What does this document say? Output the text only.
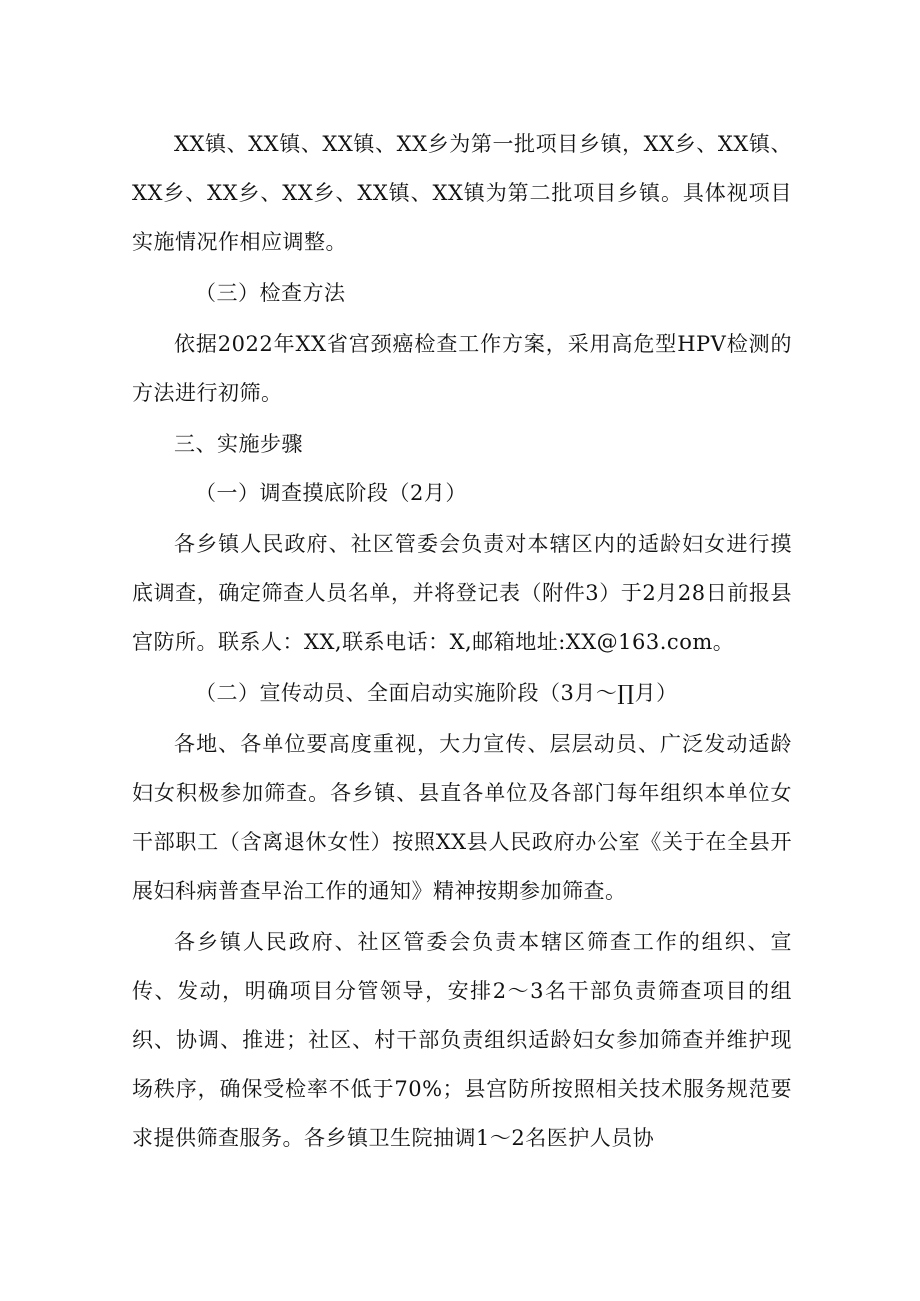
XX镇、XX镇、XX镇、XX乡为第一批项目乡镇，XX乡、XX镇、XX乡、XX乡、XX乡、XX镇、XX镇为第二批项目乡镇。具体视项目实施情况作相应调整。

（三）检查方法

依据2022年XX省宫颈癌检查工作方案，采用高危型HPV检测的方法进行初筛。

三、实施步骤

（一）调查摸底阶段（2月）

各乡镇人民政府、社区管委会负责对本辖区内的适龄妇女进行摸底调查，确定筛查人员名单，并将登记表（附件3）于2月28日前报县宫防所。联系人：XX,联系电话：X,邮箱地址:XX@163.com。

（二）宣传动员、全面启动实施阶段（3月～∏月）

各地、各单位要高度重视，大力宣传、层层动员、广泛发动适龄妇女积极参加筛查。各乡镇、县直各单位及各部门每年组织本单位女干部职工（含离退休女性）按照XX县人民政府办公室《关于在全县开展妇科病普查早治工作的通知》精神按期参加筛查。

各乡镇人民政府、社区管委会负责本辖区筛查工作的组织、宣传、发动，明确项目分管领导，安排2～3名干部负责筛查项目的组织、协调、推进；社区、村干部负责组织适龄妇女参加筛查并维护现场秩序，确保受检率不低于70%；县宫防所按照相关技术服务规范要求提供筛查服务。各乡镇卫生院抽调1～2名医护人员协
